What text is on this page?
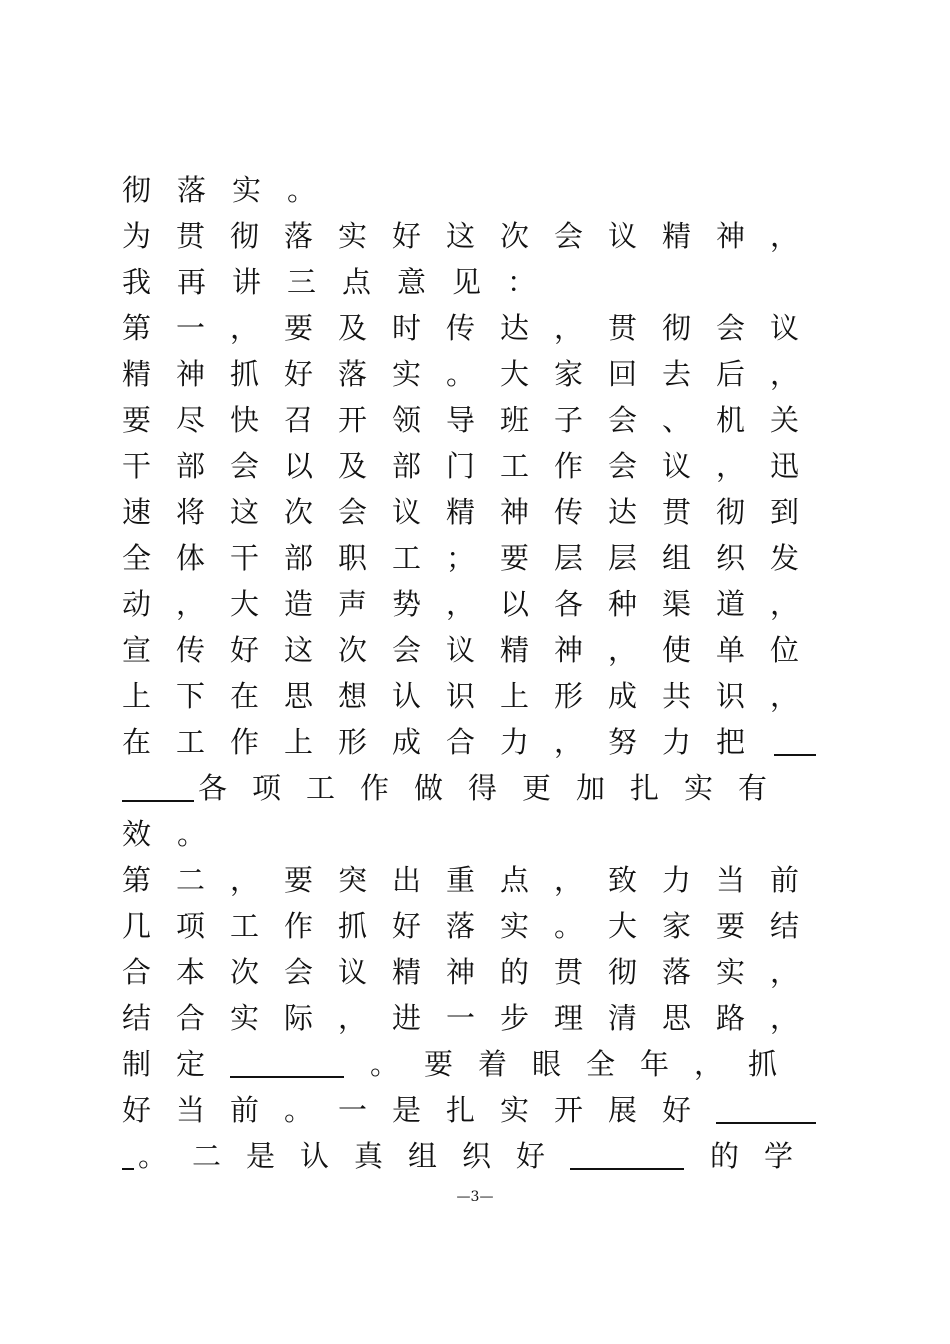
彻落实。
为贯彻落实好这次会议精神，
我再讲三点意见：
第一，要及时传达，贯彻会议
精神抓好落实。大家回去后，
要尽快召开领导班子会、机关
干部会以及部门工作会议，迅
速将这次会议精神传达贯彻到
全体干部职工；要层层组织发
动，大造声势，以各种渠道，
宣传好这次会议精神，使单位
上下在思想认识上形成共识，
在工作上形成合力，努力把
各项工作做得更加扎实有
效。
第二，要突出重点，致力当前
几项工作抓好落实。大家要结
合本次会议精神的贯彻落实，
结合实际，进一步理清思路，
制定	。要着眼全年，抓
好当前。一是扎实开展好
。二是认真组织好	的学
—3—
